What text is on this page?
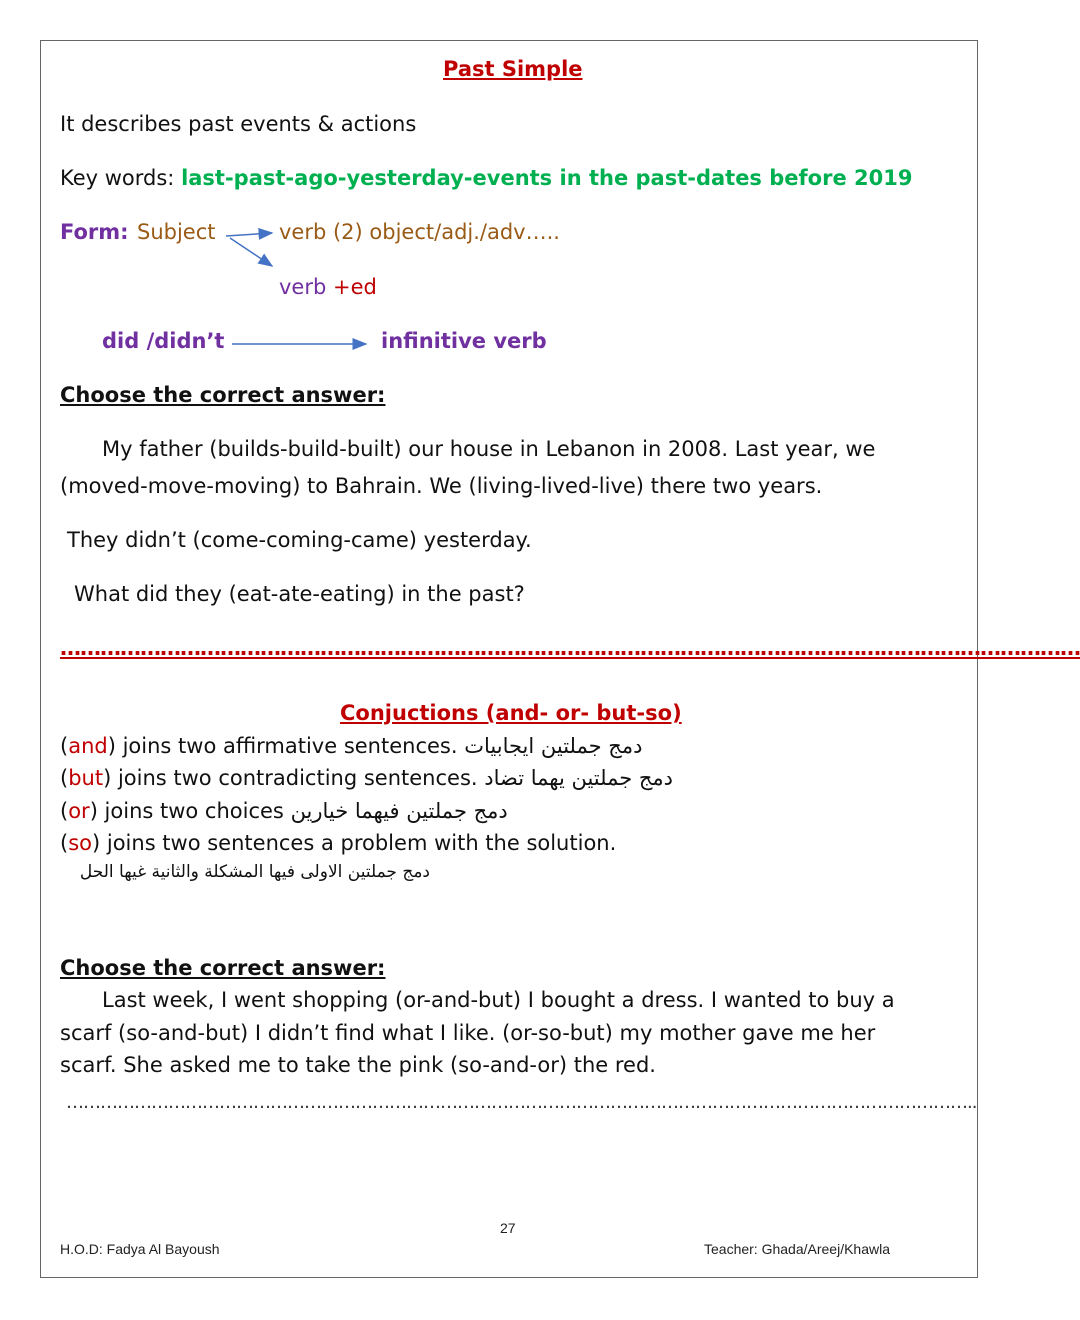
Past Simple
It describes past events & actions
Key words: last-past-ago-yesterday-events in the past-dates before 2019
Form: Subject	verb (2) object/adj./adv…..
verb +ed
did /didn’t	infinitive verb
Choose the correct answer:
My father (builds-build-built) our house in Lebanon in 2008. Last year, we
(moved-move-moving) to Bahrain. We (living-lived-live) there two years.
They didn’t (come-coming-came) yesterday.
What did they (eat-ate-eating) in the past?
………………………………………………………………………………………………………………………………………
Conjuctions (and- or- but-so)
(and) joins two affirmative sentences. دمج جملتين ايجابيات
(but) joins two contradicting sentences. دمج جملتين يهما تضاد
(or) joins two choices دمج جملتين فيهما خيارين
(so) joins two sentences a problem with the solution.
دمج جملتين الاولى فيها المشكلة والثانية غيها الحل
Choose the correct answer:
Last week, I went shopping (or-and-but) I bought a dress. I wanted to buy a
scarf (so-and-but) I didn’t find what I like. (or-so-but) my mother gave me her
scarf. She asked me to take the pink (so-and-or) the red.
……………………………………………………………………………………………………………………………………………..
27
H.O.D: Fadya Al Bayoush	Teacher: Ghada/Areej/Khawla
